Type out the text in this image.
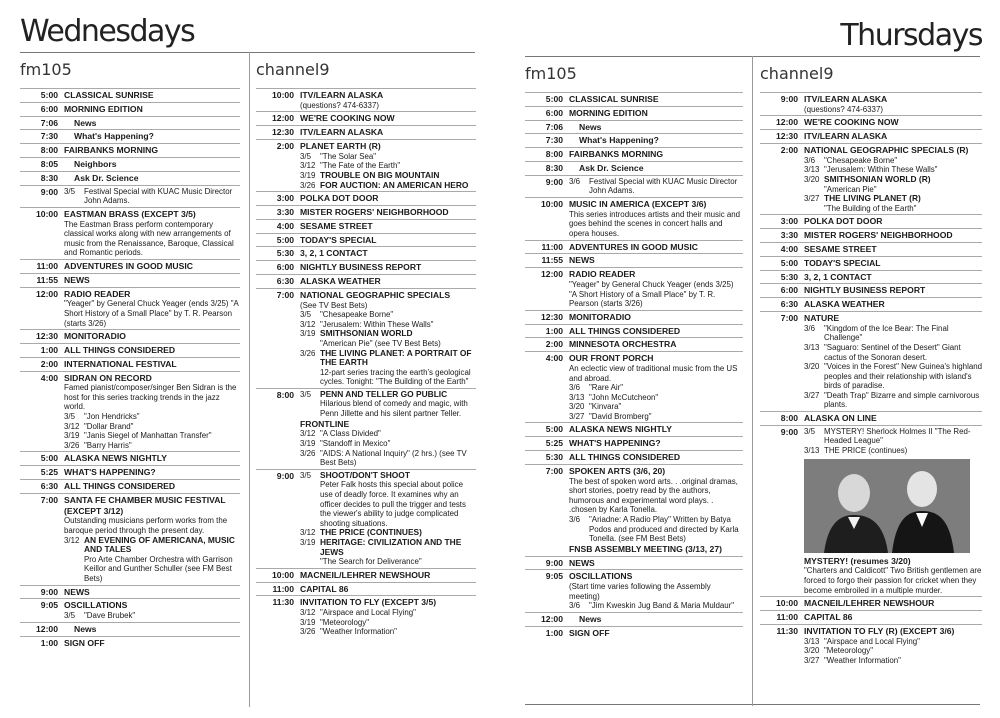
Wednesdays	Thursdays
fm105
5:00 CLASSICAL SUNRISE
6:00 MORNING EDITION
7:06	News
7:30	What's Happening?
8:00 FAIRBANKS MORNING
8:05	Neighbors
8:30	Ask Dr. Science
9:00 3/5	Festival Special with KUAC Music Director John Adams.
10:00 EASTMAN BRASS (EXCEPT 3/5)
The Eastman Brass perform contemporary classical works along with new arrangements of music from the Renaissance, Baroque, Classical and Romantic periods.
11:00 ADVENTURES IN GOOD MUSIC
11:55 NEWS
12:00 RADIO READER
"Yeager" by General Chuck Yeager (ends 3/25) "A Short History of a Small Place" by T. R. Pearson (starts 3/26)
12:30 MONITORADIO
1:00 ALL THINGS CONSIDERED
2:00 INTERNATIONAL FESTIVAL
4:00 SIDRAN ON RECORD
Famed pianist/composer/singer Ben Sidran is the host for this series tracking trends in the jazz world.
3/5	"Jon Hendricks"
3/12 "Dollar Brand"
3/19 "Janis Siegel of Manhattan Transfer"
3/26 "Barry Harris"
5:00 ALASKA NEWS NIGHTLY
5:25 WHAT'S HAPPENING?
6:30 ALL THINGS CONSIDERED
7:00 SANTA FE CHAMBER MUSIC FESTIVAL (EXCEPT 3/12)
Outstanding musicians perform works from the baroque period through the present day.
3/12 AN EVENING OF AMERICANA, MUSIC AND TALES
Pro Arte Chamber Orchestra with Garrison Keillor and Gunther Schuller (see FM Best Bets)
9:00 NEWS
9:05 OSCILLATIONS
3/5	"Dave Brubek"
12:00	News
1:00 SIGN OFF
channel9
10:00 ITV/LEARN ALASKA
(questions? 474-6337)
12:00 WE'RE COOKING NOW
12:30 ITV/LEARN ALASKA
2:00 PLANET EARTH (R)
3/5	"The Solar Sea"
3/12 "The Fate of the Earth"
3/19 TROUBLE ON BIG MOUNTAIN
3/26 FOR AUCTION: AN AMERICAN HERO
3:00 POLKA DOT DOOR
3:30 MISTER ROGERS' NEIGHBORHOOD
4:00 SESAME STREET
5:00 TODAY'S SPECIAL
5:30 3, 2, 1 CONTACT
6:00 NIGHTLY BUSINESS REPORT
6:30 ALASKA WEATHER
7:00 NATIONAL GEOGRAPHIC SPECIALS
(See TV Best Bets)
3/5	"Chesapeake Borne"
3/12 "Jerusalem: Within These Walls"
3/19 SMITHSONIAN WORLD
"American Pie" (see TV Best Bets)
3/26 THE LIVING PLANET: A PORTRAIT OF THE EARTH
12-part series tracing the earth's geological cycles. Tonight: "The Building of the Earth"
8:00 3/5	PENN AND TELLER GO PUBLIC
Hilarious blend of comedy and magic, with Penn Jillette and his silent partner Teller.
FRONTLINE
3/12 "A Class Divided"
3/19 "Standoff in Mexico"
3/26 "AIDS: A National Inquiry" (2 hrs.) (see TV Best Bets)
9:00 3/5	SHOOT/DON'T SHOOT
Peter Falk hosts this special about police use of deadly force. It examines why an officer decides to pull the trigger and tests the viewer's ability to judge complicated shooting situations.
3/12 THE PRICE (CONTINUES)
3/19 HERITAGE: CIVILIZATION AND THE JEWS
"The Search for Deliverance"
10:00 MACNEIL/LEHRER NEWSHOUR
11:00 CAPITAL 86
11:30 INVITATION TO FLY (EXCEPT 3/5)
3/12 "Airspace and Local Flying"
3/19 "Meteorology"
3/26 "Weather Information"
fm105
5:00 CLASSICAL SUNRISE
6:00 MORNING EDITION
7:06	News
7:30	What's Happening?
8:00 FAIRBANKS MORNING
8:30	Ask Dr. Science
9:00 3/6	Festival Special with KUAC Music Director John Adams.
10:00 MUSIC IN AMERICA (EXCEPT 3/6)
This series introduces artists and their music and goes behind the scenes in concert halls and opera houses.
11:00 ADVENTURES IN GOOD MUSIC
11:55 NEWS
12:00 RADIO READER
"Yeager" by General Chuck Yeager (ends 3/25) "A Short History of a Small Place" by T. R. Pearson (starts 3/26)
12:30 MONITORADIO
1:00 ALL THINGS CONSIDERED
2:00 MINNESOTA ORCHESTRA
4:00 OUR FRONT PORCH
An eclectic view of traditional music from the US and abroad.
3/6	"Rare Air"
3/13 "John McCutcheon"
3/20 "Kinvara"
3/27 "David Bromberg"
5:00 ALASKA NEWS NIGHTLY
5:25 WHAT'S HAPPENING?
5:30 ALL THINGS CONSIDERED
7:00 SPOKEN ARTS (3/6, 20)
The best of spoken word arts. . .original dramas, short stories, poetry read by the authors, humorous and experimental word plays. . .chosen by Karla Tonella.
3/6	"Ariadne: A Radio Play" Written by Batya Podos and produced and directed by Karla Tonella. (see FM Best Bets)
FNSB ASSEMBLY MEETING (3/13, 27)
9:00 NEWS
9:05 OSCILLATIONS
(Start time varies following the Assembly meeting)
3/6	"Jim Kweskin Jug Band & Maria Muldaur"
12:00	News
1:00 SIGN OFF
channel9
9:00 ITV/LEARN ALASKA
(questions? 474-6337)
12:00 WE'RE COOKING NOW
12:30 ITV/LEARN ALASKA
2:00 NATIONAL GEOGRAPHIC SPECIALS (R)
3/6	"Chesapeake Borne"
3/13 "Jerusalem: Within These Walls"
3/20 SMITHSONIAN WORLD (R)
"American Pie"
3/27 THE LIVING PLANET (R)
"The Building of the Earth"
3:00 POLKA DOT DOOR
3:30 MISTER ROGERS' NEIGHBORHOOD
4:00 SESAME STREET
5:00 TODAY'S SPECIAL
5:30 3, 2, 1 CONTACT
6:00 NIGHTLY BUSINESS REPORT
6:30 ALASKA WEATHER
7:00 NATURE
3/6	"Kingdom of the Ice Bear: The Final Challenge"
3/13 "Saguaro: Sentinel of the Desert" Giant cactus of the Sonoran desert.
3/20 "Voices in the Forest" New Guinea's highland peoples and their relationship with island's birds of paradise.
3/27 "Death Trap" Bizarre and simple carnivorous plants.
8:00 ALASKA ON LINE
9:00 3/5	MYSTERY! Sherlock Holmes II "The Red-Headed League"
3/13 THE PRICE (continues)
MYSTERY! (resumes 3/20)
"Charters and Caldicott" Two British gentlemen are forced to forgo their passion for cricket when they become embroiled in a multiple murder.
10:00 MACNEIL/LEHRER NEWSHOUR
11:00 CAPITAL 86
11:30 INVITATION TO FLY (R) (EXCEPT 3/6)
3/13 "Airspace and Local Flying"
3/20 "Meteorology"
3/27 "Weather Information"
